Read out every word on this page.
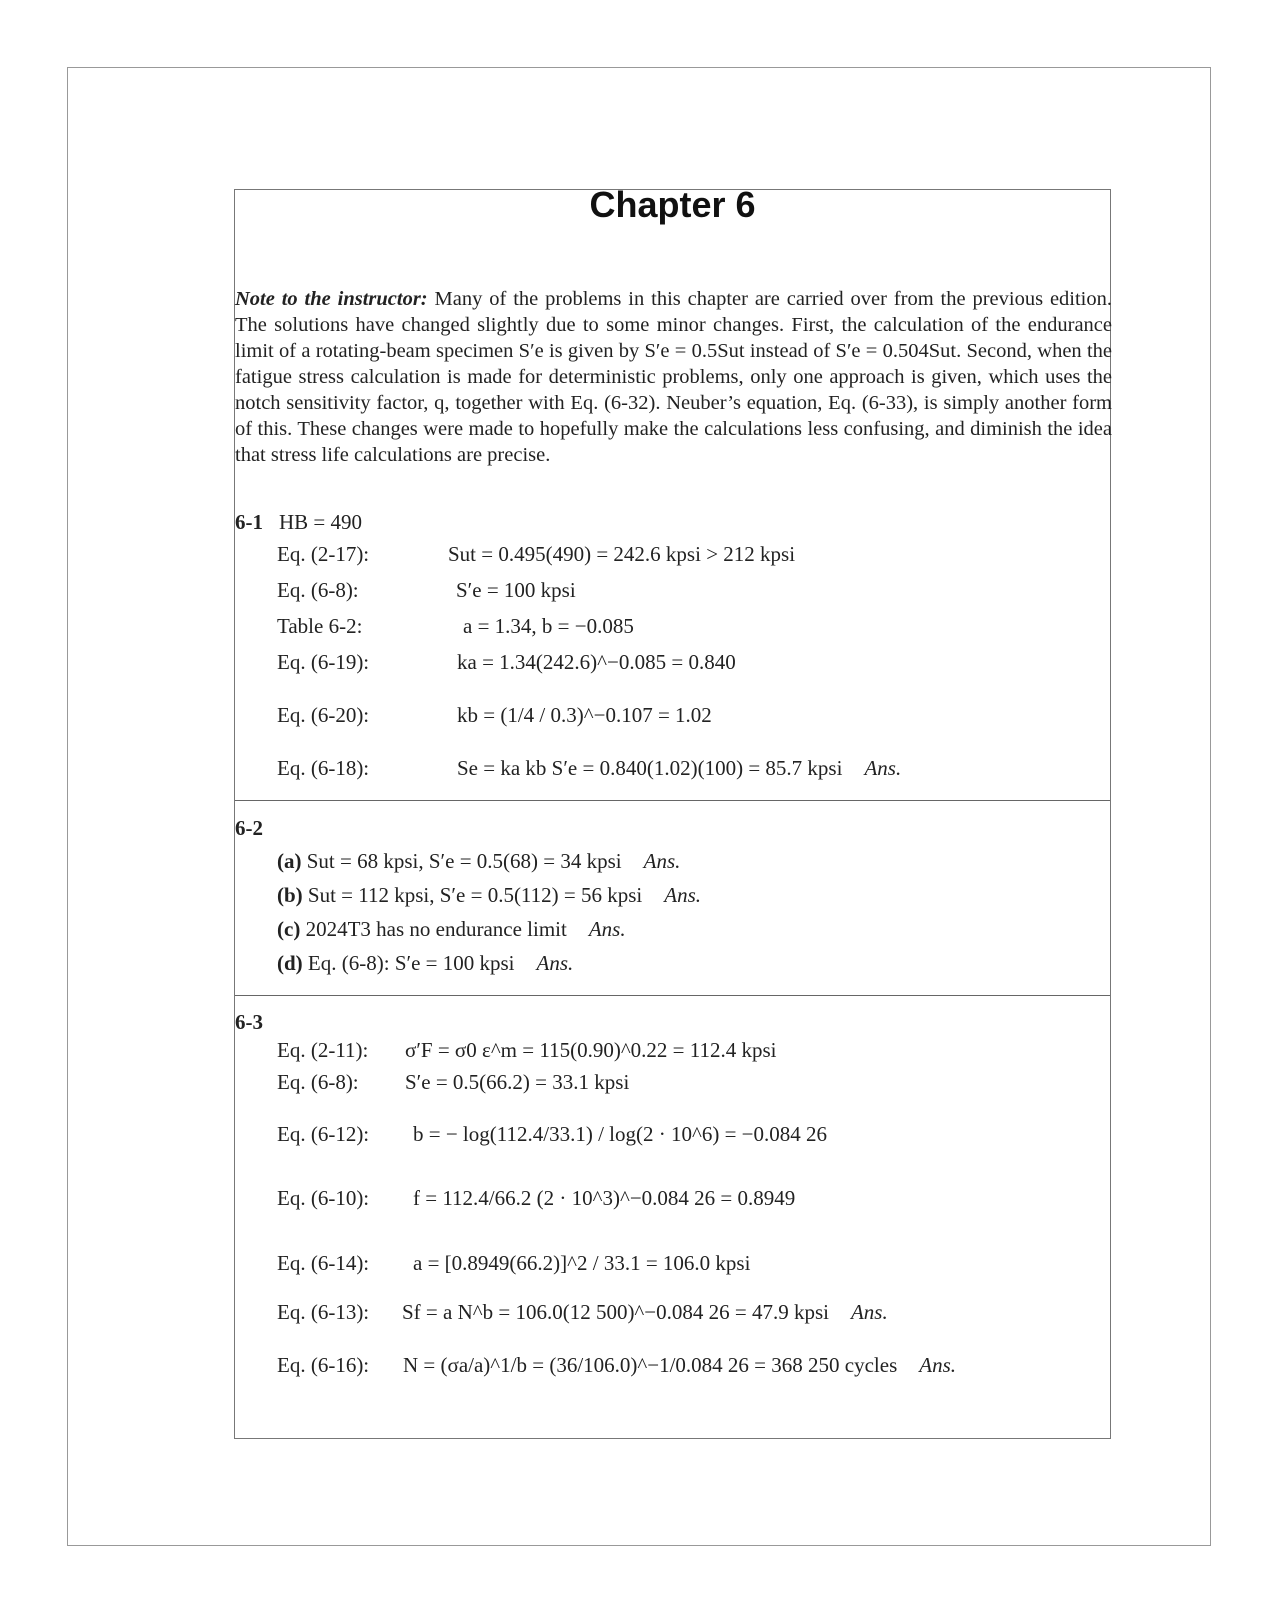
Chapter 6
Note to the instructor: Many of the problems in this chapter are carried over from the previous edition. The solutions have changed slightly due to some minor changes. First, the calculation of the endurance limit of a rotating-beam specimen S′e is given by S′e = 0.5Sut instead of S′e = 0.504Sut. Second, when the fatigue stress calculation is made for deterministic problems, only one approach is given, which uses the notch sensitivity factor, q, together with Eq. (6-32). Neuber’s equation, Eq. (6-33), is simply another form of this. These changes were made to hopefully make the calculations less confusing, and diminish the idea that stress life calculations are precise.
6-1 HB = 490
Eq. (2-17):	Sut = 0.495(490) = 242.6 kpsi > 212 kpsi
Eq. (6-8):	S′e = 100 kpsi
Table 6-2:	a = 1.34, b = −0.085
Eq. (6-19):	ka = 1.34(242.6)^−0.085 = 0.840
Eq. (6-20):	kb = (1/4 / 0.3)^−0.107 = 1.02
Eq. (6-18):	Se = ka kb S′e = 0.840(1.02)(100) = 85.7 kpsi Ans.
6-2
(a) Sut = 68 kpsi, S′e = 0.5(68) = 34 kpsi Ans.
(b) Sut = 112 kpsi, S′e = 0.5(112) = 56 kpsi Ans.
(c) 2024T3 has no endurance limit Ans.
(d) Eq. (6-8): S′e = 100 kpsi Ans.
6-3
Eq. (2-11): σ′F = σ0 ε^m = 115(0.90)^0.22 = 112.4 kpsi
Eq. (6-8): S′e = 0.5(66.2) = 33.1 kpsi
Eq. (6-12): b = − log(112.4/33.1) / log(2 · 10^6) = −0.084 26
Eq. (6-10): f = 112.4/66.2 (2 · 10^3)^−0.084 26 = 0.8949
Eq. (6-14): a = [0.8949(66.2)]^2 / 33.1 = 106.0 kpsi
Eq. (6-13): Sf = a N^b = 106.0(12 500)^−0.084 26 = 47.9 kpsi Ans.
Eq. (6-16): N = (σa/a)^1/b = (36/106.0)^−1/0.084 26 = 368 250 cycles Ans.
